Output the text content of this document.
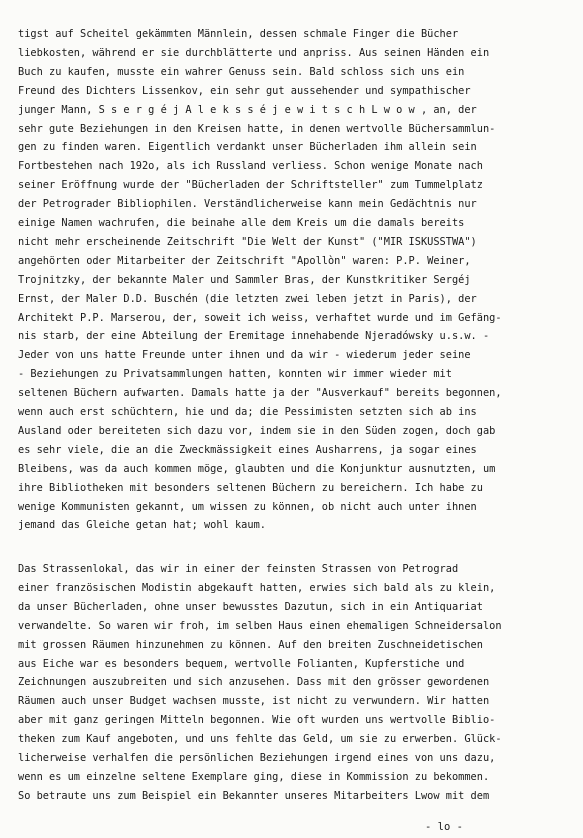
tigst auf Scheitel gekämmten Männlein, dessen schmale Finger die Bücher
liebkosten, während er sie durchblätterte und anpriss. Aus seinen Händen ein
Buch zu kaufen, musste ein wahrer Genuss sein. Bald schloss sich uns ein
Freund des Dichters Lissenkov, ein sehr gut aussehender und sympathischer
junger Mann, S s e r g é j A l e k s s é j e w i t s c h L w o w , an, der
sehr gute Beziehungen in den Kreisen hatte, in denen wertvolle Büchersammlun-
gen zu finden waren. Eigentlich verdankt unser Bücherladen ihm allein sein
Fortbestehen nach 192o, als ich Russland verliess. Schon wenige Monate nach
seiner Eröffnung wurde der "Bücherladen der Schriftsteller" zum Tummelplatz
der Petrograder Bibliophilen. Verständlicherweise kann mein Gedächtnis nur
einige Namen wachrufen, die beinahe alle dem Kreis um die damals bereits
nicht mehr erscheinende Zeitschrift "Die Welt der Kunst" ("MIR ISKUSSTWA")
angehörten oder Mitarbeiter der Zeitschrift "Apollòn" waren: P.P. Weiner,
Trojnitzky, der bekannte Maler und Sammler Bras, der Kunstkritiker Sergéj
Ernst, der Maler D.D. Buschén (die letzten zwei leben jetzt in Paris), der
Architekt P.P. Marserou, der, soweit ich weiss, verhaftet wurde und im Gefäng-
nis starb, der eine Abteilung der Eremitage innehabende Njeradówsky u.s.w. -
Jeder von uns hatte Freunde unter ihnen und da wir - wiederum jeder seine
- Beziehungen zu Privatsammlungen hatten, konnten wir immer wieder mit
seltenen Büchern aufwarten. Damals hatte ja der "Ausverkauf" bereits begonnen,
wenn auch erst schüchtern, hie und da; die Pessimisten setzten sich ab ins
Ausland oder bereiteten sich dazu vor, indem sie in den Süden zogen, doch gab
es sehr viele, die an die Zweckmässigkeit eines Ausharrens, ja sogar eines
Bleibens, was da auch kommen möge, glaubten und die Konjunktur ausnutzten, um
ihre Bibliotheken mit besonders seltenen Büchern zu bereichern. Ich habe zu
wenige Kommunisten gekannt, um wissen zu können, ob nicht auch unter ihnen
jemand das Gleiche getan hat; wohl kaum.
Das Strassenlokal, das wir in einer der feinsten Strassen von Petrograd
einer französischen Modistin abgekauft hatten, erwies sich bald als zu klein,
da unser Bücherladen, ohne unser bewusstes Dazutun, sich in ein Antiquariat
verwandelte. So waren wir froh, im selben Haus einen ehemaligen Schneidersalon
mit grossen Räumen hinzunehmen zu können. Auf den breiten Zuschneidetischen
aus Eiche war es besonders bequem, wertvolle Folianten, Kupferstiche und
Zeichnungen auszubreiten und sich anzusehen. Dass mit den grösser gewordenen
Räumen auch unser Budget wachsen musste, ist nicht zu verwundern. Wir hatten
aber mit ganz geringen Mitteln begonnen. Wie oft wurden uns wertvolle Biblio-
theken zum Kauf angeboten, und uns fehlte das Geld, um sie zu erwerben. Glück-
licherweise verhalfen die persönlichen Beziehungen irgend eines von uns dazu,
wenn es um einzelne seltene Exemplare ging, diese in Kommission zu bekommen.
So betraute uns zum Beispiel ein Bekannter unseres Mitarbeiters Lwow mit dem
- lo -
